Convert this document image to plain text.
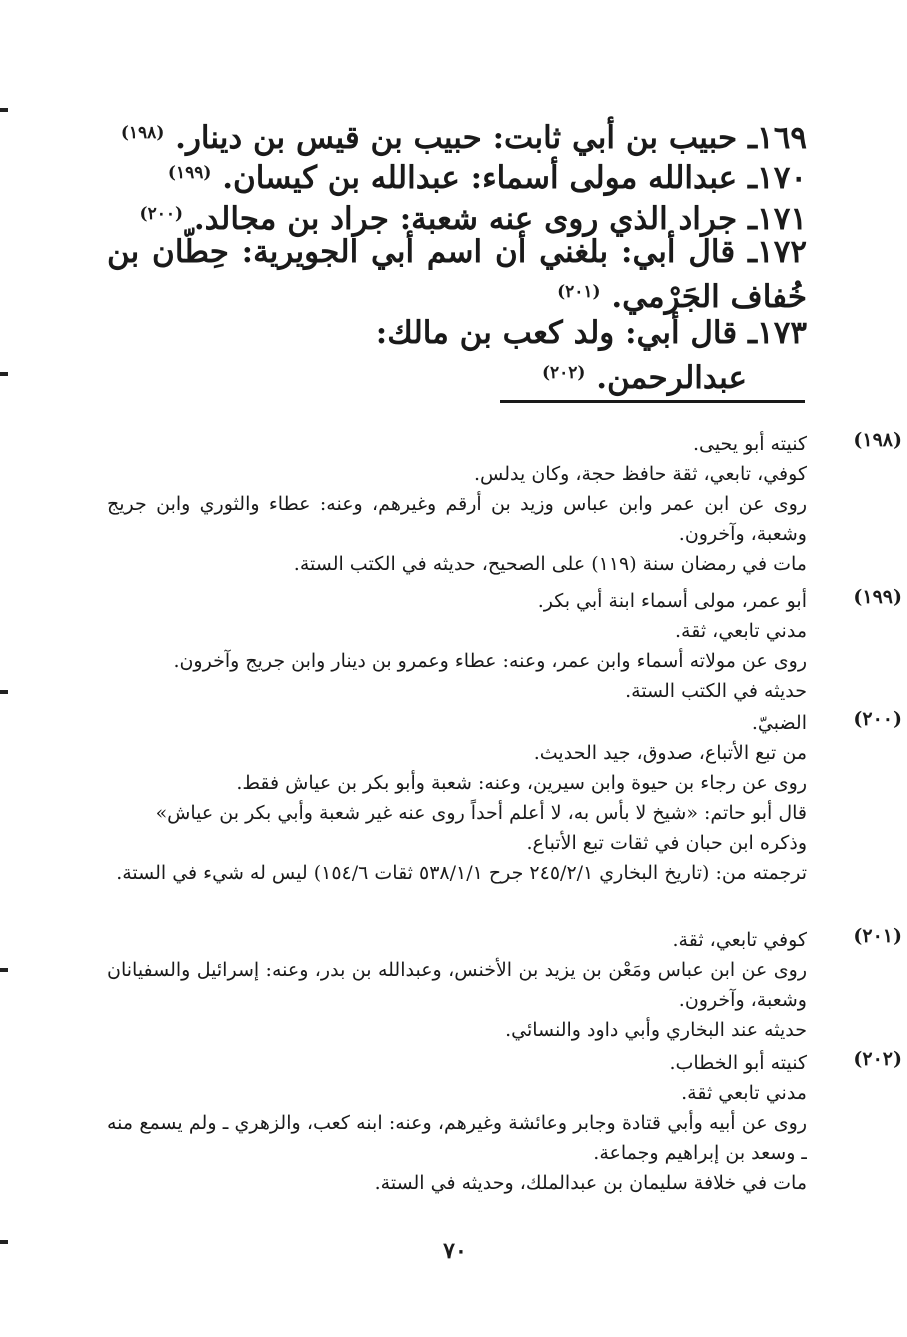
١٦٩ـ حبيب بن أبي ثابت: حبيب بن قيس بن دينار. $^{(١٩٨)}$
١٧٠ـ عبدالله مولى أسماء: عبدالله بن كيسان. $^{(١٩٩)}$
١٧١ـ جراد الذي روى عنه شعبة: جراد بن مجالد. $^{(٢٠٠)}$
١٧٢ـ قال أبي: بلغني أن اسم أبي الجويرية: حِطّان بن خُفاف الجَرْمي. $^{(٢٠١)}$
١٧٣ـ قال أبي: ولد كعب بن مالك:
عبدالرحمن. $^{(٢٠٢)}$
(١٩٨)
كنيته أبو يحيى.
كوفي، تابعي، ثقة حافظ حجة، وكان يدلس.
روى عن ابن عمر وابن عباس وزيد بن أرقم وغيرهم، وعنه: عطاء والثوري وابن جريج وشعبة، وآخرون.
مات في رمضان سنة (١١٩) على الصحيح، حديثه في الكتب الستة.
(١٩٩)
أبو عمر، مولى أسماء ابنة أبي بكر.
مدني تابعي، ثقة.
روى عن مولاته أسماء وابن عمر، وعنه: عطاء وعمرو بن دينار وابن جريج وآخرون.
حديثه في الكتب الستة.
(٢٠٠)
الضبيّ.
من تبع الأتباع، صدوق، جيد الحديث.
روى عن رجاء بن حيوة وابن سيرين، وعنه: شعبة وأبو بكر بن عياش فقط.
قال أبو حاتم: «شيخ لا بأس به، لا أعلم أحداً روى عنه غير شعبة وأبي بكر بن عياش»
وذكره ابن حبان في ثقات تبع الأتباع.
ترجمته من: (تاريخ البخاري ٢٤٥/٢/١ جرح ٥٣٨/١/١ ثقات ١٥٤/٦) ليس له شيء في الستة.
(٢٠١)
كوفي تابعي، ثقة.
روى عن ابن عباس ومَعْن بن يزيد بن الأخنس، وعبدالله بن بدر، وعنه: إسرائيل والسفيانان وشعبة، وآخرون.
حديثه عند البخاري وأبي داود والنسائي.
(٢٠٢)
كنيته أبو الخطاب.
مدني تابعي ثقة.
روى عن أبيه وأبي قتادة وجابر وعائشة وغيرهم، وعنه: ابنه كعب، والزهري ـ ولم يسمع منه ـ وسعد بن إبراهيم وجماعة.
مات في خلافة سليمان بن عبدالملك، وحديثه في الستة.
٧٠
